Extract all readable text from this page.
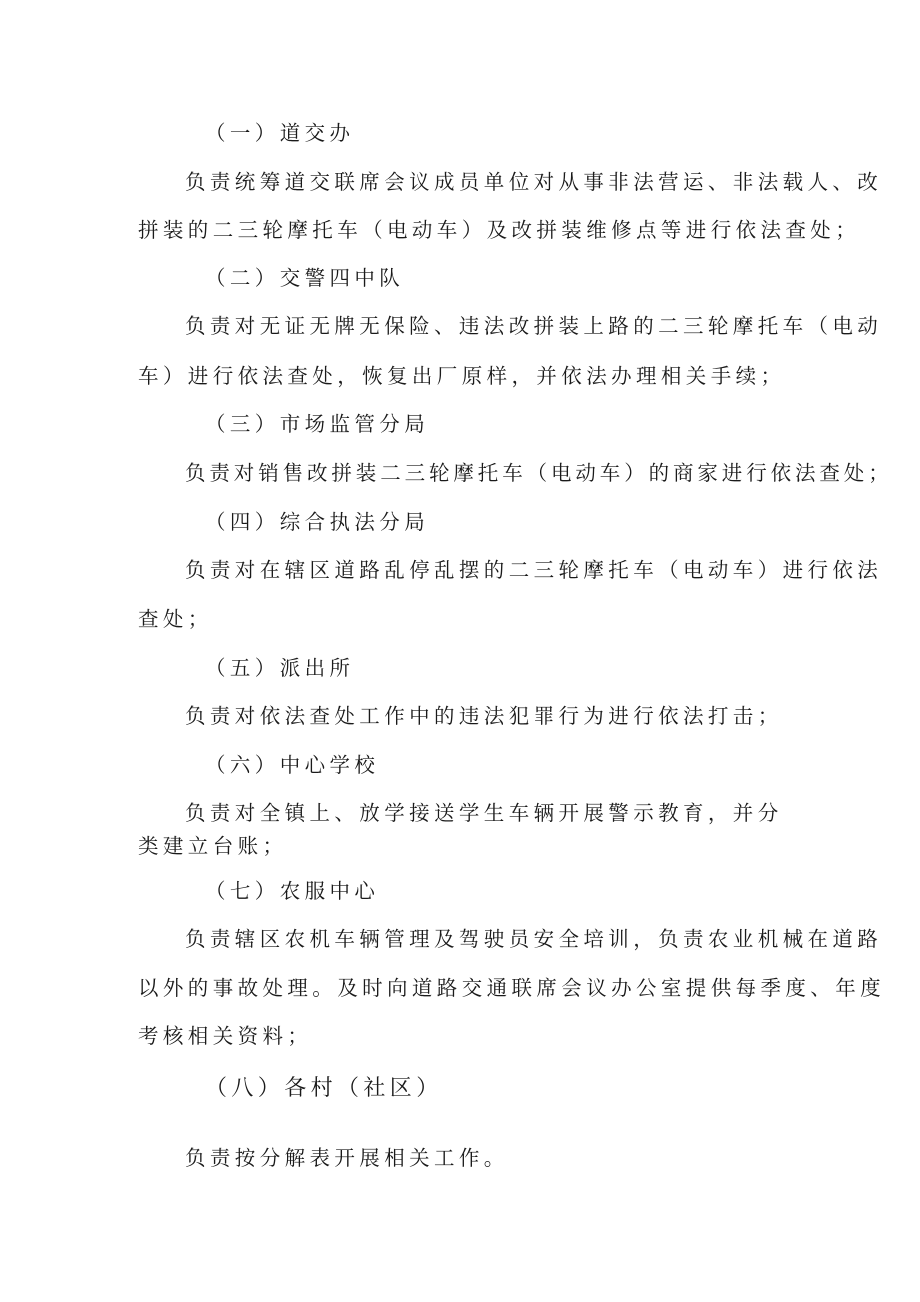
（一）道交办
负责统筹道交联席会议成员单位对从事非法营运、非法载人、改
拼装的二三轮摩托车（电动车）及改拼装维修点等进行依法查处；
（二）交警四中队
负责对无证无牌无保险、违法改拼装上路的二三轮摩托车（电动
车）进行依法查处，恢复出厂原样，并依法办理相关手续；
（三）市场监管分局
负责对销售改拼装二三轮摩托车（电动车）的商家进行依法查处；
（四）综合执法分局
负责对在辖区道路乱停乱摆的二三轮摩托车（电动车）进行依法
查处；
（五）派出所
负责对依法查处工作中的违法犯罪行为进行依法打击；
（六）中心学校
负责对全镇上、放学接送学生车辆开展警示教育，并分
类建立台账；
（七）农服中心
负责辖区农机车辆管理及驾驶员安全培训，负责农业机械在道路
以外的事故处理。及时向道路交通联席会议办公室提供每季度、年度
考核相关资料；
（八）各村（社区）
负责按分解表开展相关工作。
